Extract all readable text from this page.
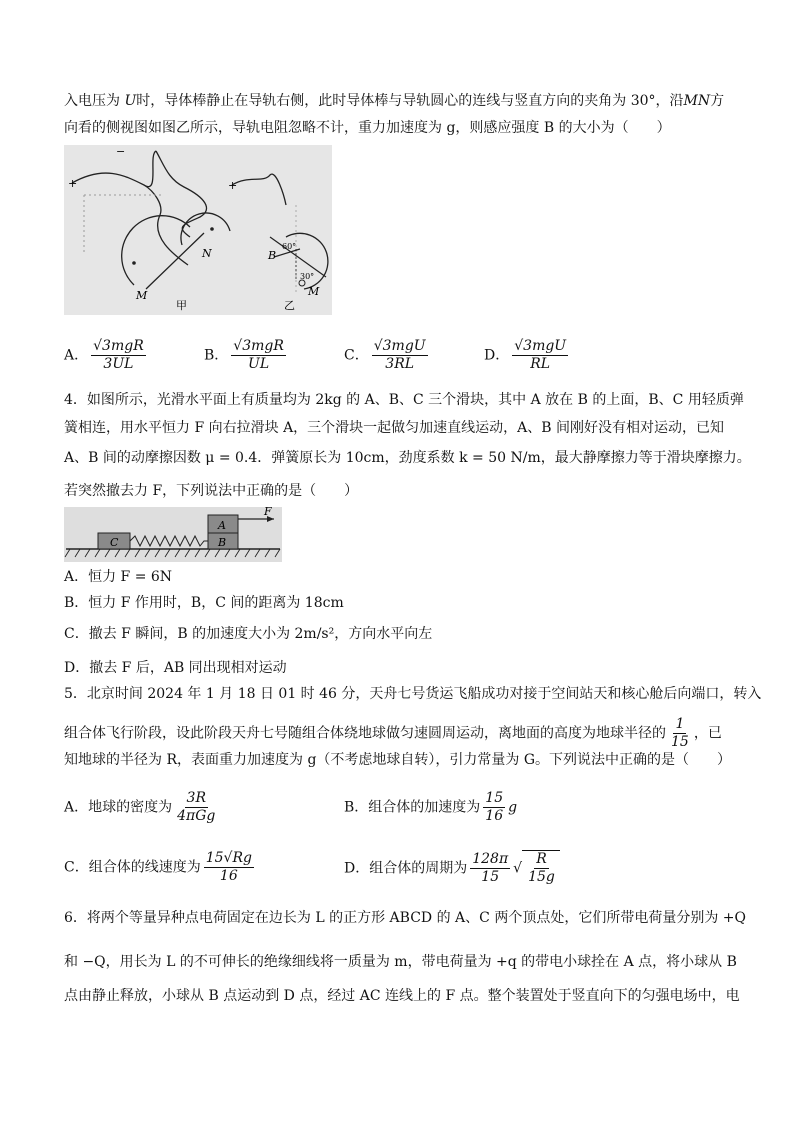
入电压为 U时，导体棒静止在导轨右侧，此时导体棒与导轨圆心的连线与竖直方向的夹角为 30°，沿MN方
向看的侧视图如图乙所示，导轨电阻忽略不计，重力加速度为 g，则感应强度 B 的大小为（　　）
+
−
N
M
甲
+
B
60°
30°
M
乙
A． $\frac{\text{√3mgR}}{3UL}$	B． $\frac{\text{√3mgR}}{UL}$	C． $\frac{\text{√3mgU}}{3RL}$	D． $\frac{\text{√3mgU}}{RL}$
4．如图所示，光滑水平面上有质量均为 2kg 的 A、B、C 三个滑块，其中 A 放在 B 的上面，B、C 用轻质弹
簧相连，用水平恒力 F 向右拉滑块 A，三个滑块一起做匀加速直线运动，A、B 间刚好没有相对运动，已知
A、B 间的动摩擦因数 μ = 0.4．弹簧原长为 10cm，劲度系数 k = 50 N/m，最大静摩擦力等于滑块摩擦力。
若突然撤去力 F，下列说法中正确的是（　　）
C	B
A
F
A．恒力 F = 6N
B．恒力 F 作用时，B，C 间的距离为 18cm
C．撤去 F 瞬间，B 的加速度大小为 2m/s²，方向水平向左
D．撤去 F 后，AB 同出现相对运动
5．北京时间 2024 年 1 月 18 日 01 时 46 分，天舟七号货运飞船成功对接于空间站天和核心舱后向端口，转入
组合体飞行阶段，设此阶段天舟七号随组合体绕地球做匀速圆周运动，离地面的高度为地球半径的 $\frac{1}{15}$ ，已
知地球的半径为 R，表面重力加速度为 g（不考虑地球自转），引力常量为 G。下列说法中正确的是（　　）
A．地球的密度为 $\frac{3R}{\text{4πGg}}$	B．组合体的加速度为 $\frac{15}{16}$ g
C．组合体的线速度为 $\frac{15√Rg}{16}$	D．组合体的周期为 $\frac{128\pi}{15}$ √ $\frac{R}{15g}$
6．将两个等量异种点电荷固定在边长为 L 的正方形 ABCD 的 A、C 两个顶点处，它们所带电荷量分别为 +Q
和 −Q，用长为 L 的不可伸长的绝缘细线将一质量为 m，带电荷量为 +q 的带电小球拴在 A 点，将小球从 B
点由静止释放，小球从 B 点运动到 D 点，经过 AC 连线上的 F 点。整个装置处于竖直向下的匀强电场中，电
